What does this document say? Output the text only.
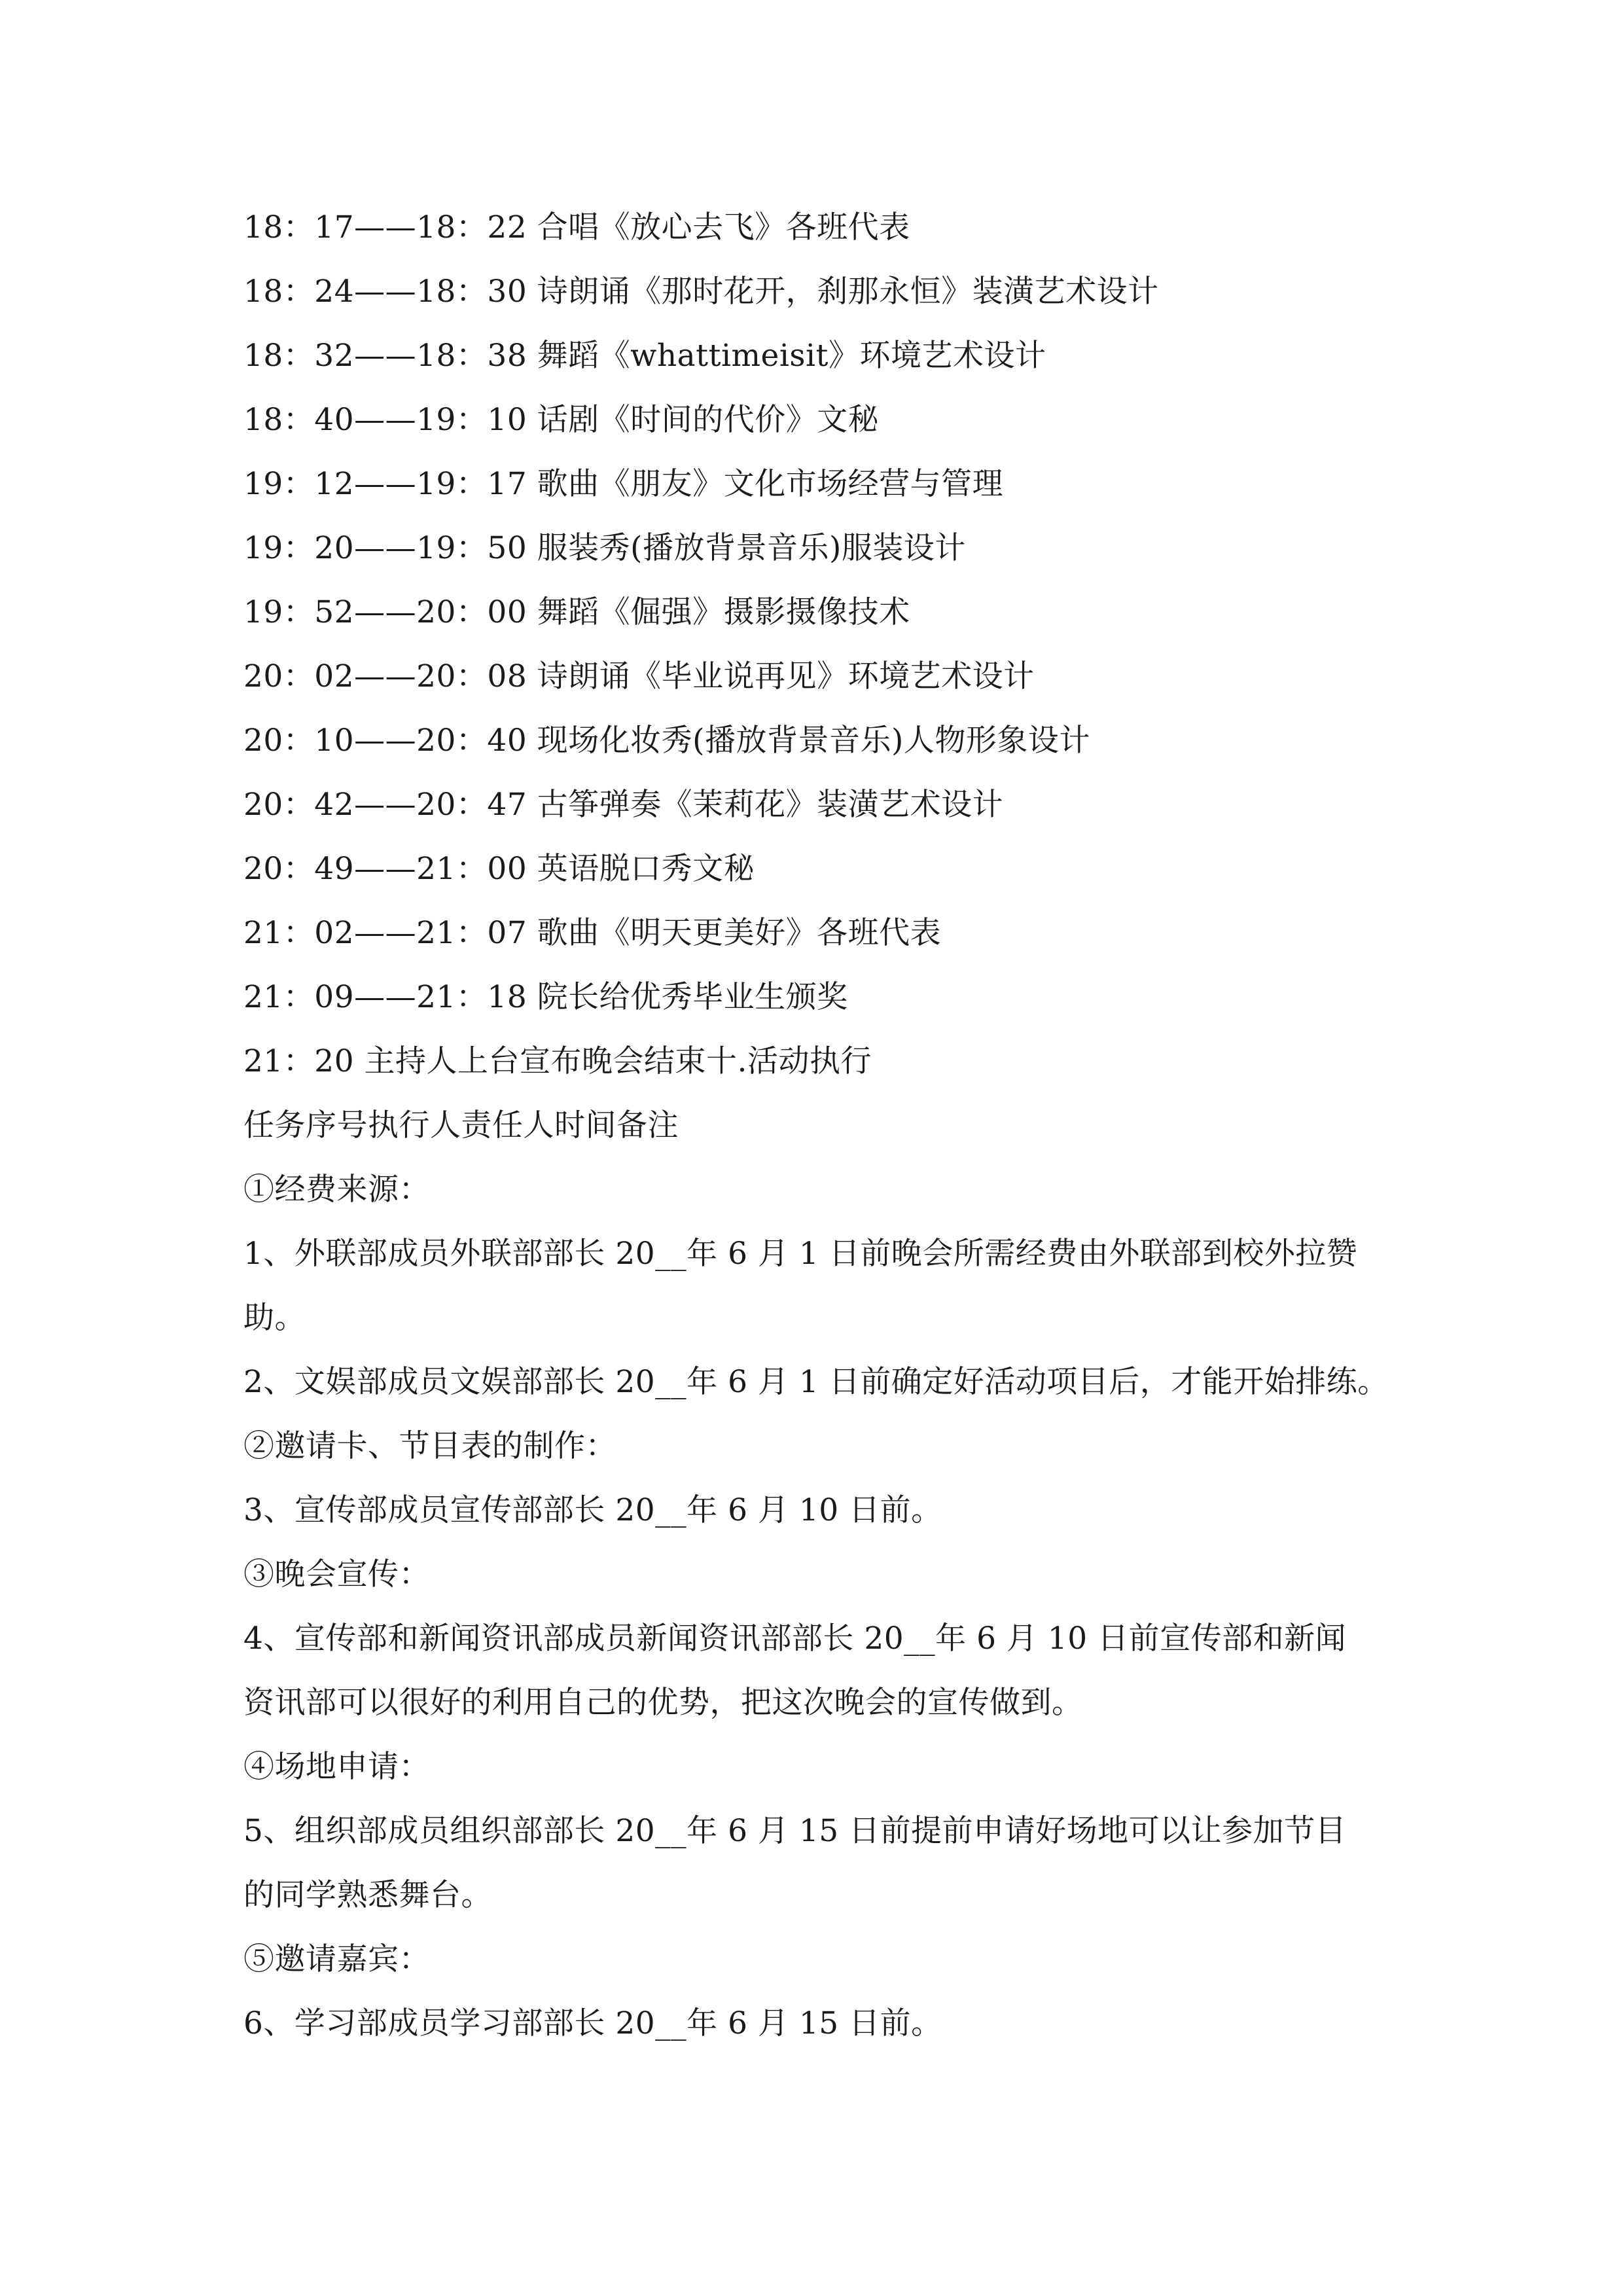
18：17——18：22 合唱《放心去飞》各班代表
18：24——18：30 诗朗诵《那时花开，刹那永恒》装潢艺术设计
18：32——18：38 舞蹈《whattimeisit》环境艺术设计
18：40——19：10 话剧《时间的代价》文秘
19：12——19：17 歌曲《朋友》文化市场经营与管理
19：20——19：50 服装秀(播放背景音乐)服装设计
19：52——20：00 舞蹈《倔强》摄影摄像技术
20：02——20：08 诗朗诵《毕业说再见》环境艺术设计
20：10——20：40 现场化妆秀(播放背景音乐)人物形象设计
20：42——20：47 古筝弹奏《茉莉花》装潢艺术设计
20：49——21：00 英语脱口秀文秘
21：02——21：07 歌曲《明天更美好》各班代表
21：09——21：18 院长给优秀毕业生颁奖
21：20 主持人上台宣布晚会结束十.活动执行
任务序号执行人责任人时间备注
①经费来源：
1、外联部成员外联部部长 20__年 6 月 1 日前晚会所需经费由外联部到校外拉赞
助。
2、文娱部成员文娱部部长 20__年 6 月 1 日前确定好活动项目后，才能开始排练。
②邀请卡、节目表的制作：
3、宣传部成员宣传部部长 20__年 6 月 10 日前。
③晚会宣传：
4、宣传部和新闻资讯部成员新闻资讯部部长 20__年 6 月 10 日前宣传部和新闻
资讯部可以很好的利用自己的优势，把这次晚会的宣传做到。
④场地申请：
5、组织部成员组织部部长 20__年 6 月 15 日前提前申请好场地可以让参加节目
的同学熟悉舞台。
⑤邀请嘉宾：
6、学习部成员学习部部长 20__年 6 月 15 日前。
